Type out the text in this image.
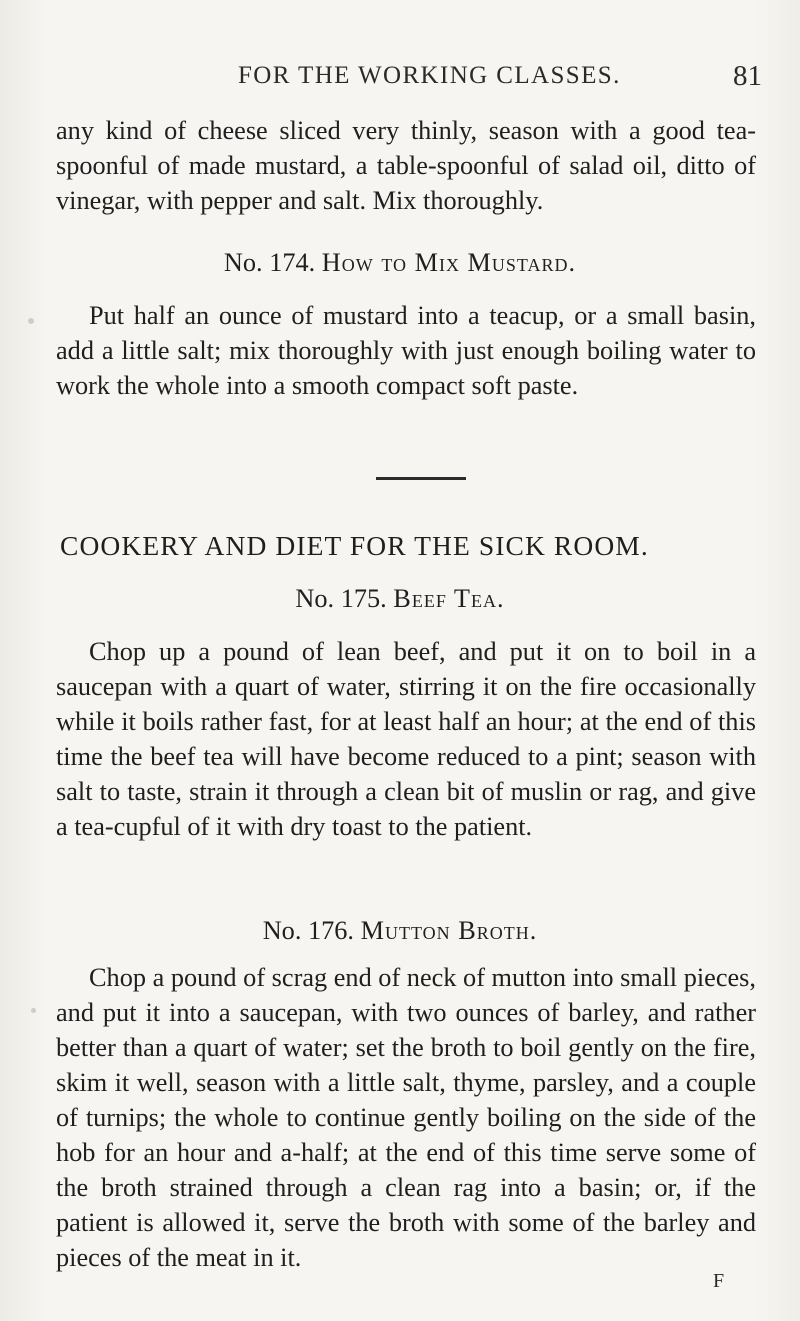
FOR THE WORKING CLASSES.	81

any kind of cheese sliced very thinly, season with a good tea-spoonful of made mustard, a table-spoonful of salad oil, ditto of vinegar, with pepper and salt. Mix thoroughly.

No. 174. How to Mix Mustard.

Put half an ounce of mustard into a teacup, or a small basin, add a little salt; mix thoroughly with just enough boiling water to work the whole into a smooth compact soft paste.

COOKERY AND DIET FOR THE SICK ROOM.
No. 175. Beef Tea.

Chop up a pound of lean beef, and put it on to boil in a saucepan with a quart of water, stirring it on the fire occasionally while it boils rather fast, for at least half an hour; at the end of this time the beef tea will have become reduced to a pint; season with salt to taste, strain it through a clean bit of muslin or rag, and give a tea-cupful of it with dry toast to the patient.

No. 176. Mutton Broth.

Chop a pound of scrag end of neck of mutton into small pieces, and put it into a saucepan, with two ounces of barley, and rather better than a quart of water; set the broth to boil gently on the fire, skim it well, season with a little salt, thyme, parsley, and a couple of turnips; the whole to continue gently boiling on the side of the hob for an hour and a-half; at the end of this time serve some of the broth strained through a clean rag into a basin; or, if the patient is allowed it, serve the broth with some of the barley and pieces of the meat in it.

F
